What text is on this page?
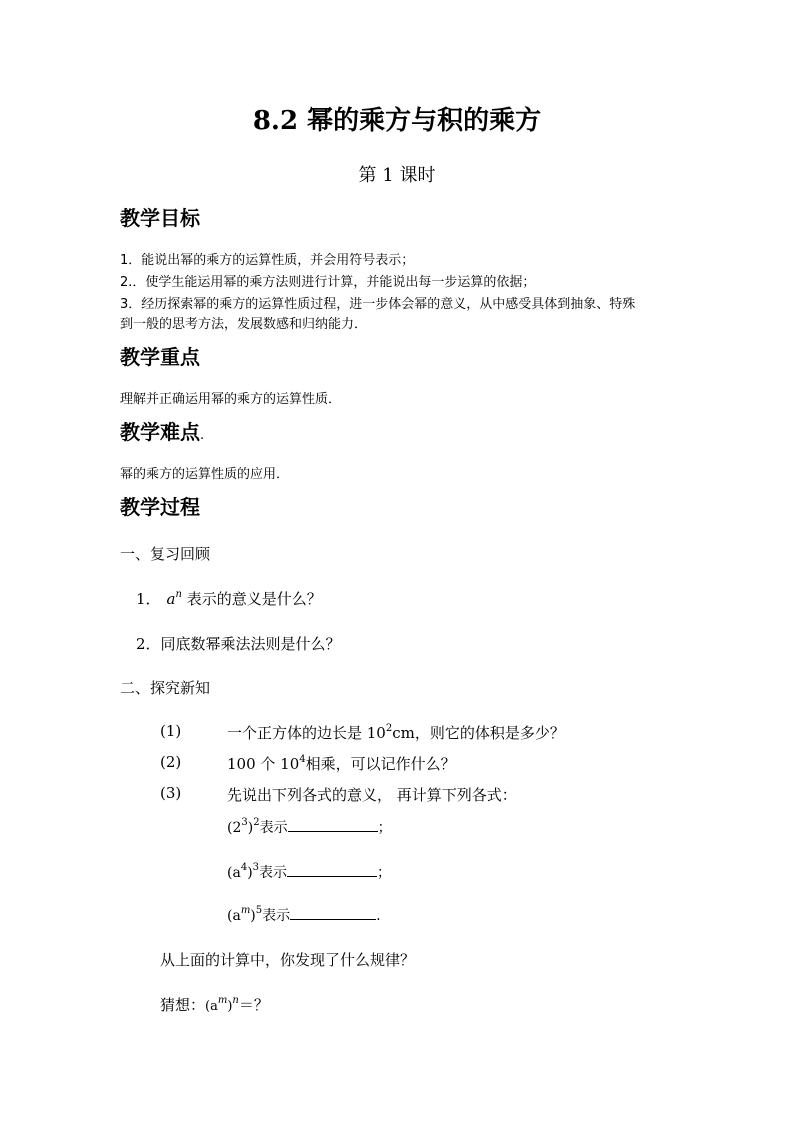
8.2 幂的乘方与积的乘方
第 1 课时
教学目标
1．能说出幂的乘方的运算性质，并会用符号表示；
2.．使学生能运用幂的乘方法则进行计算，并能说出每一步运算的依据；
3．经历探索幂的乘方的运算性质过程，进一步体会幂的意义，从中感受具体到抽象、特殊
到一般的思考方法，发展数感和归纳能力．
教学重点
理解并正确运用幂的乘方的运算性质．
教学难点.
幂的乘方的运算性质的应用．
教学过程
一、复习回顾
1． $a^n$ 表示的意义是什么？
2．同底数幂乘法法则是什么？
二、探究新知
(1)	一个正方体的边长是 $10^2cm$，则它的体积是多少？
(2)	100 个 $10^4$相乘，可以记作什么？
(3)	先说出下列各式的意义， 再计算下列各式：
$(2^3)^2$表示	；
$(a^4)^3$表示	；
$(a^m)^5$表示	.
从上面的计算中，你发现了什么规律？
猜想：$(a^m)^n=$？
